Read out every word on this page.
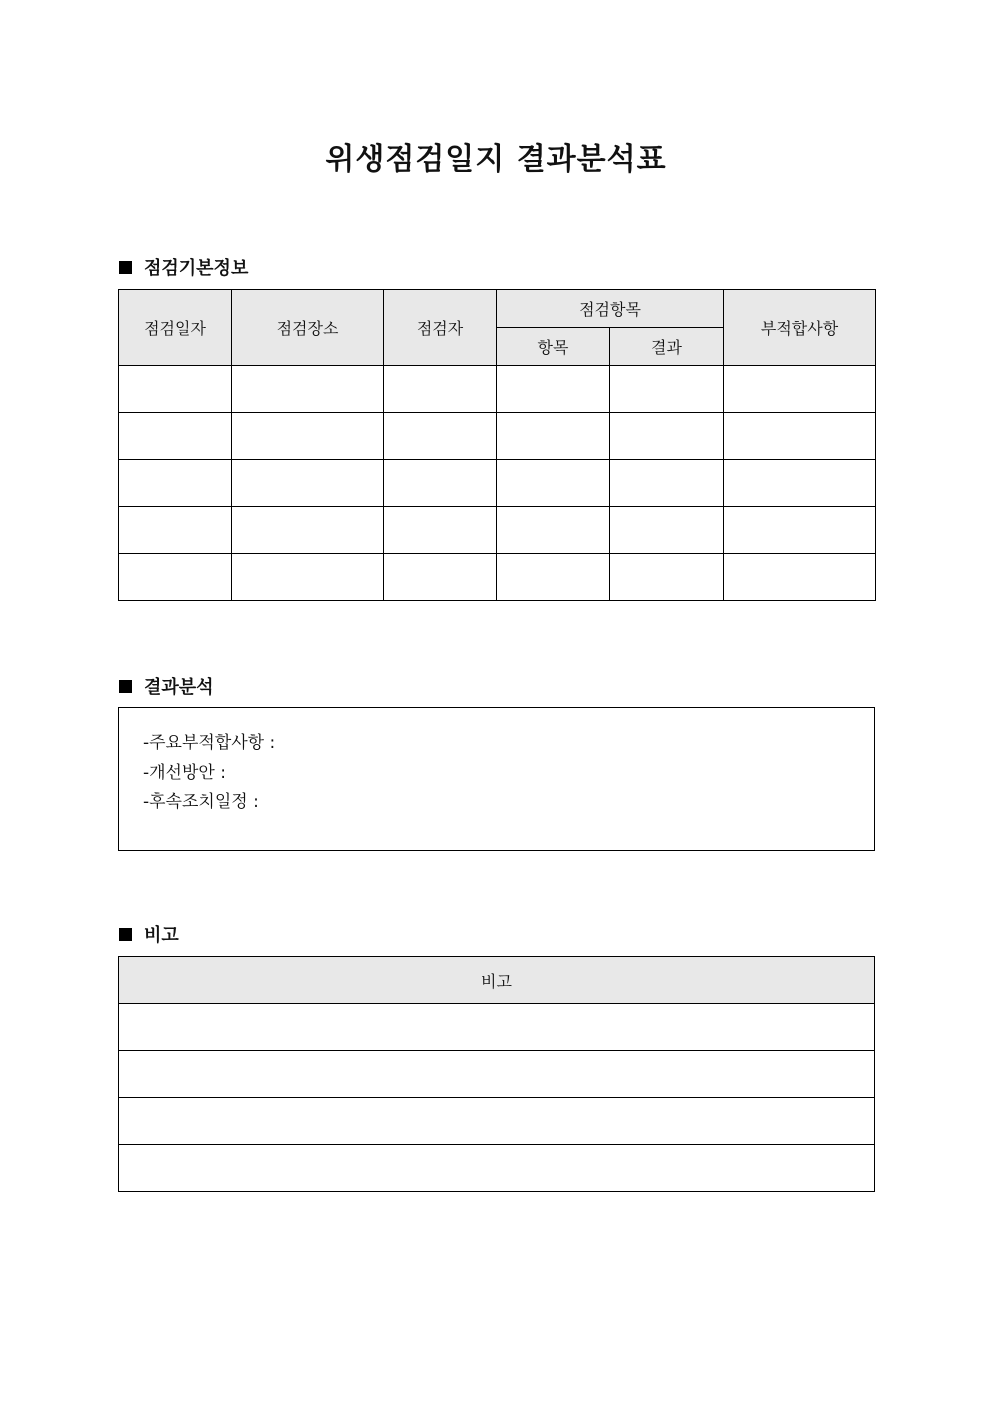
위생점검일지 결과분석표
점검기본정보
점검일자	점검장소	점검자	점검항목		부적합사항
			항목	결과	

결과분석
-주요부적합사항 :
-개선방안 :
-후속조치일정 :
비고
비고
